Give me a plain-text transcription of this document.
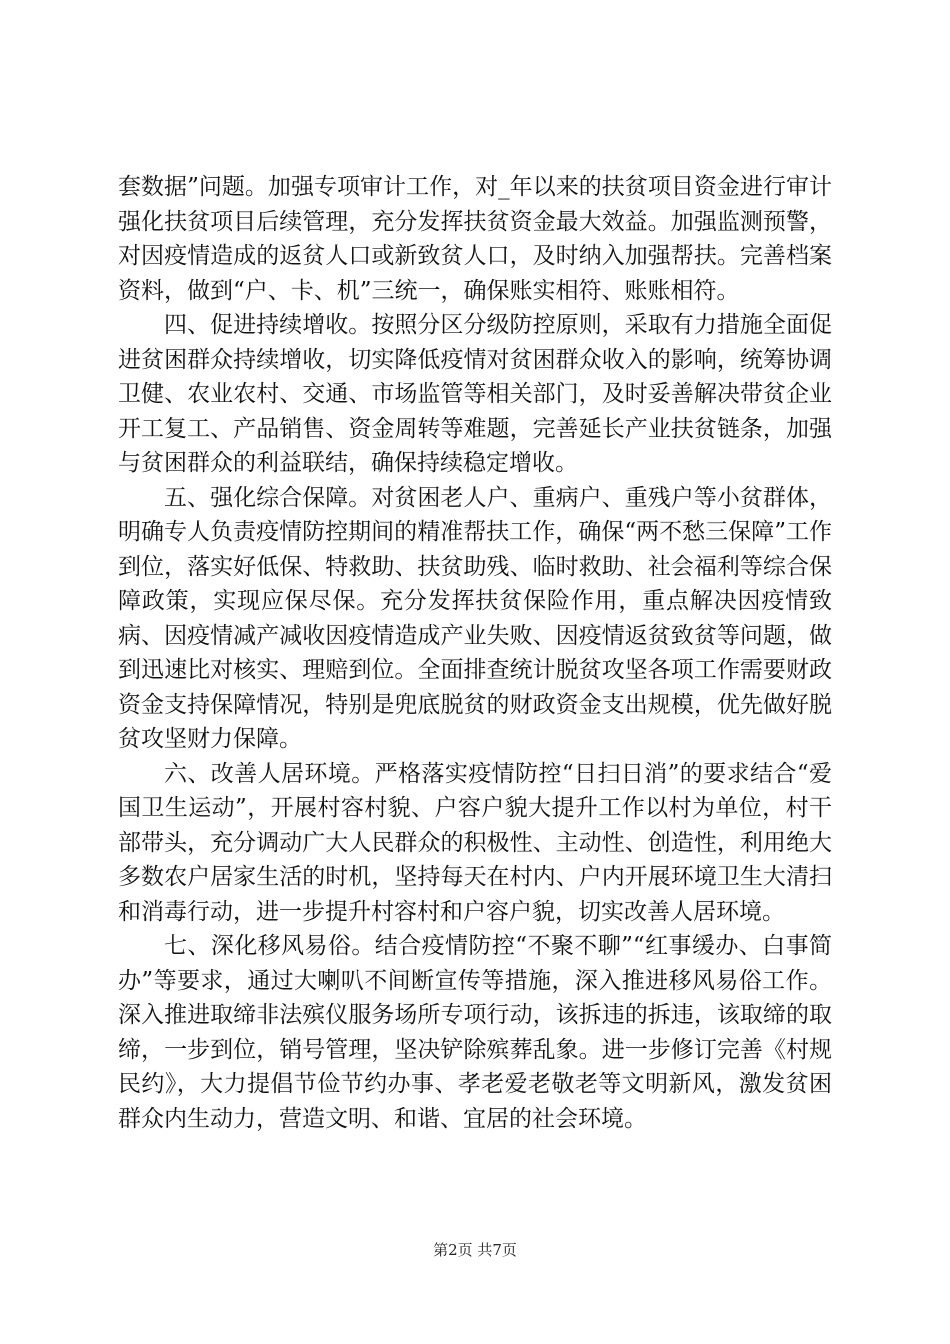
套数据”问题。加强专项审计工作，对_年以来的扶贫项目资金进行审计强化扶贫项目后续管理，充分发挥扶贫资金最大效益。加强监测预警，对因疫情造成的返贫人口或新致贫人口，及时纳入加强帮扶。完善档案资料，做到“户、卡、机”三统一，确保账实相符、账账相符。

四、促进持续增收。按照分区分级防控原则，采取有力措施全面促进贫困群众持续增收，切实降低疫情对贫困群众收入的影响，统筹协调卫健、农业农村、交通、市场监管等相关部门，及时妥善解决带贫企业开工复工、产品销售、资金周转等难题，完善延长产业扶贫链条，加强与贫困群众的利益联结，确保持续稳定增收。

五、强化综合保障。对贫困老人户、重病户、重残户等小贫群体，明确专人负责疫情防控期间的精准帮扶工作，确保“两不愁三保障”工作到位，落实好低保、特救助、扶贫助残、临时救助、社会福利等综合保障政策，实现应保尽保。充分发挥扶贫保险作用，重点解决因疫情致病、因疫情减产减收因疫情造成产业失败、因疫情返贫致贫等问题，做到迅速比对核实、理赔到位。全面排查统计脱贫攻坚各项工作需要财政资金支持保障情况，特别是兜底脱贫的财政资金支出规模，优先做好脱贫攻坚财力保障。

六、改善人居环境。严格落实疫情防控“日扫日消”的要求结合“爱国卫生运动”，开展村容村貌、户容户貌大提升工作以村为单位，村干部带头，充分调动广大人民群众的积极性、主动性、创造性，利用绝大多数农户居家生活的时机，坚持每天在村内、户内开展环境卫生大清扫和消毒行动，进一步提升村容村和户容户貌，切实改善人居环境。

七、深化移风易俗。结合疫情防控“不聚不聊”“红事缓办、白事简办”等要求，通过大喇叭不间断宣传等措施，深入推进移风易俗工作。深入推进取缔非法殡仪服务场所专项行动，该拆违的拆违，该取缔的取缔，一步到位，销号管理，坚决铲除殡葬乱象。进一步修订完善《村规民约》，大力提倡节俭节约办事、孝老爱老敬老等文明新风，激发贫困群众内生动力，营造文明、和谐、宜居的社会环境。

第2页 共7页
